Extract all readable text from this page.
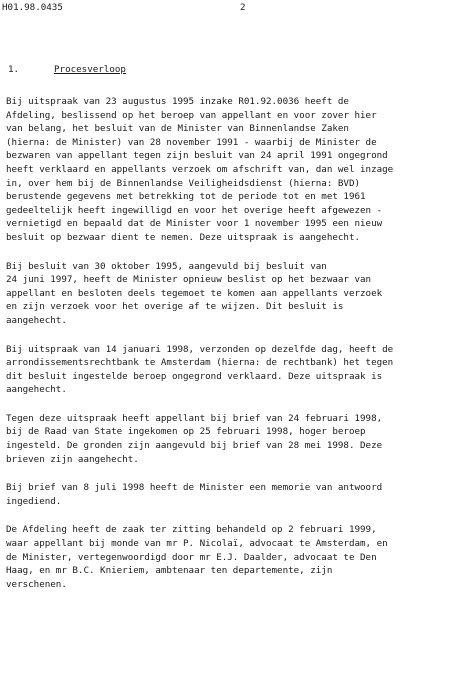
H01.98.0435	2
1.	Procesverloop
Bij uitspraak van 23 augustus 1995 inzake R01.92.0036 heeft de
Afdeling, beslissend op het beroep van appellant en voor zover hier
van belang, het besluit van de Minister van Binnenlandse Zaken
(hierna: de Minister) van 28 november 1991 - waarbij de Minister de
bezwaren van appellant tegen zijn besluit van 24 april 1991 ongegrond
heeft verklaard en appellants verzoek om afschrift van, dan wel inzage
in, over hem bij de Binnenlandse Veiligheidsdienst (hierna: BVD)
berustende gegevens met betrekking tot de periode tot en met 1961
gedeeltelijk heeft ingewilligd en voor het overige heeft afgewezen -
vernietigd en bepaald dat de Minister voor 1 november 1995 een nieuw
besluit op bezwaar dient te nemen. Deze uitspraak is aangehecht.
Bij besluit van 30 oktober 1995, aangevuld bij besluit van
24 juni 1997, heeft de Minister opnieuw beslist op het bezwaar van
appellant en besloten deels tegemoet te komen aan appellants verzoek
en zijn verzoek voor het overige af te wijzen. Dit besluit is
aangehecht.
Bij uitspraak van 14 januari 1998, verzonden op dezelfde dag, heeft de
arrondissementsrechtbank te Amsterdam (hierna: de rechtbank) het tegen
dit besluit ingestelde beroep ongegrond verklaard. Deze uitspraak is
aangehecht.
Tegen deze uitspraak heeft appellant bij brief van 24 februari 1998,
bij de Raad van State ingekomen op 25 februari 1998, hoger beroep
ingesteld. De gronden zijn aangevuld bij brief van 28 mei 1998. Deze
brieven zijn aangehecht.
Bij brief van 8 juli 1998 heeft de Minister een memorie van antwoord
ingediend.
De Afdeling heeft de zaak ter zitting behandeld op 2 februari 1999,
waar appellant bij monde van mr P. Nicolaï, advocaat te Amsterdam, en
de Minister, vertegenwoordigd door mr E.J. Daalder, advocaat te Den
Haag, en mr B.C. Knieriem, ambtenaar ten departemente, zijn
verschenen.
